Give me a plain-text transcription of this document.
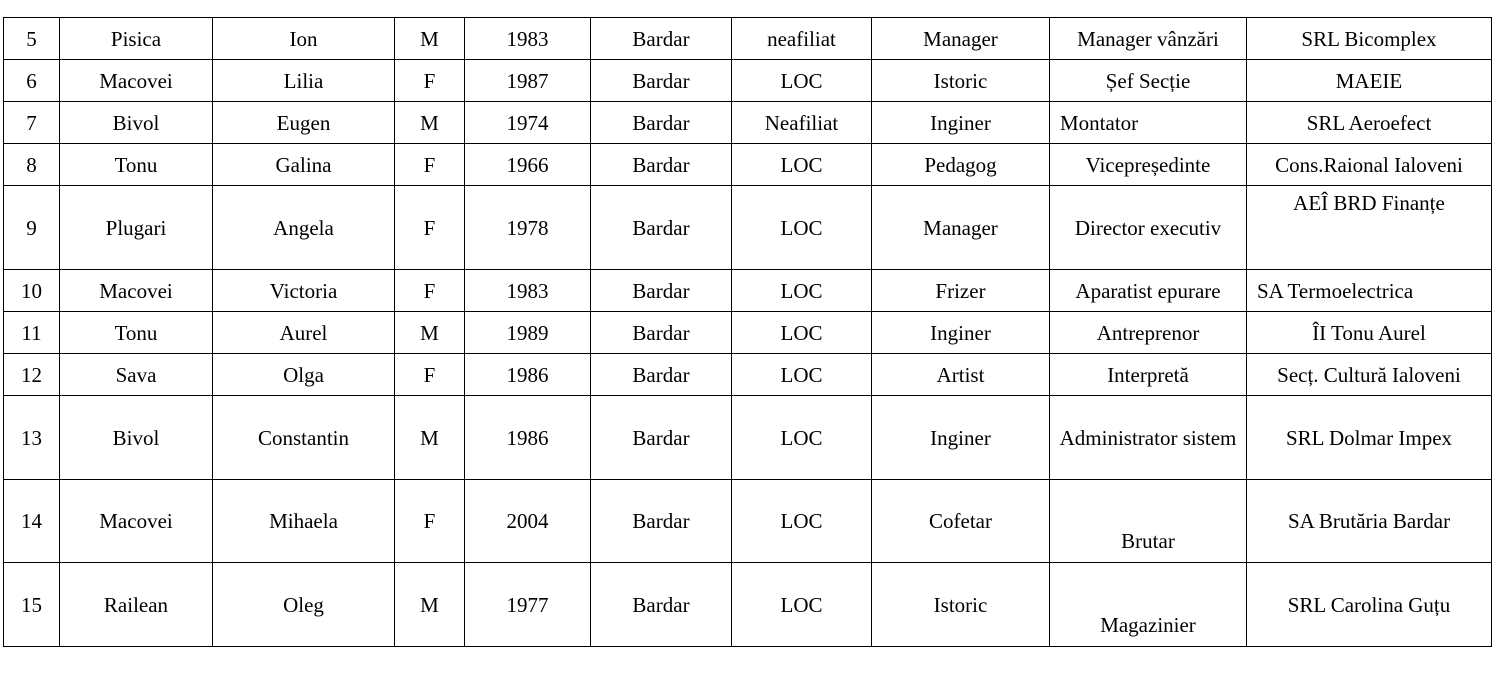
5	Pisica	Ion	M	1983	Bardar	neafiliat	Manager	Manager vânzări	SRL Bicomplex
6	Macovei	Lilia	F	1987	Bardar	LOC	Istoric	Șef Secție	MAEIE
7	Bivol	Eugen	M	1974	Bardar	Neafiliat	Inginer	Montator	SRL Aeroefect
8	Tonu	Galina	F	1966	Bardar	LOC	Pedagog	Vicepreședinte	Cons.Raional Ialoveni
9	Plugari	Angela	F	1978	Bardar	LOC	Manager	Director executiv	AEÎ BRD Finanțe
10	Macovei	Victoria	F	1983	Bardar	LOC	Frizer	Aparatist epurare	SA Termoelectrica
11	Tonu	Aurel	M	1989	Bardar	LOC	Inginer	Antreprenor	ÎI Tonu Aurel
12	Sava	Olga	F	1986	Bardar	LOC	Artist	Interpretă	Secț. Cultură Ialoveni
13	Bivol	Constantin	M	1986	Bardar	LOC	Inginer	Administrator sistem	SRL Dolmar Impex
14	Macovei	Mihaela	F	2004	Bardar	LOC	Cofetar	Brutar	SA Brutăria Bardar
15	Railean	Oleg	M	1977	Bardar	LOC	Istoric	Magazinier	SRL Carolina Guțu
